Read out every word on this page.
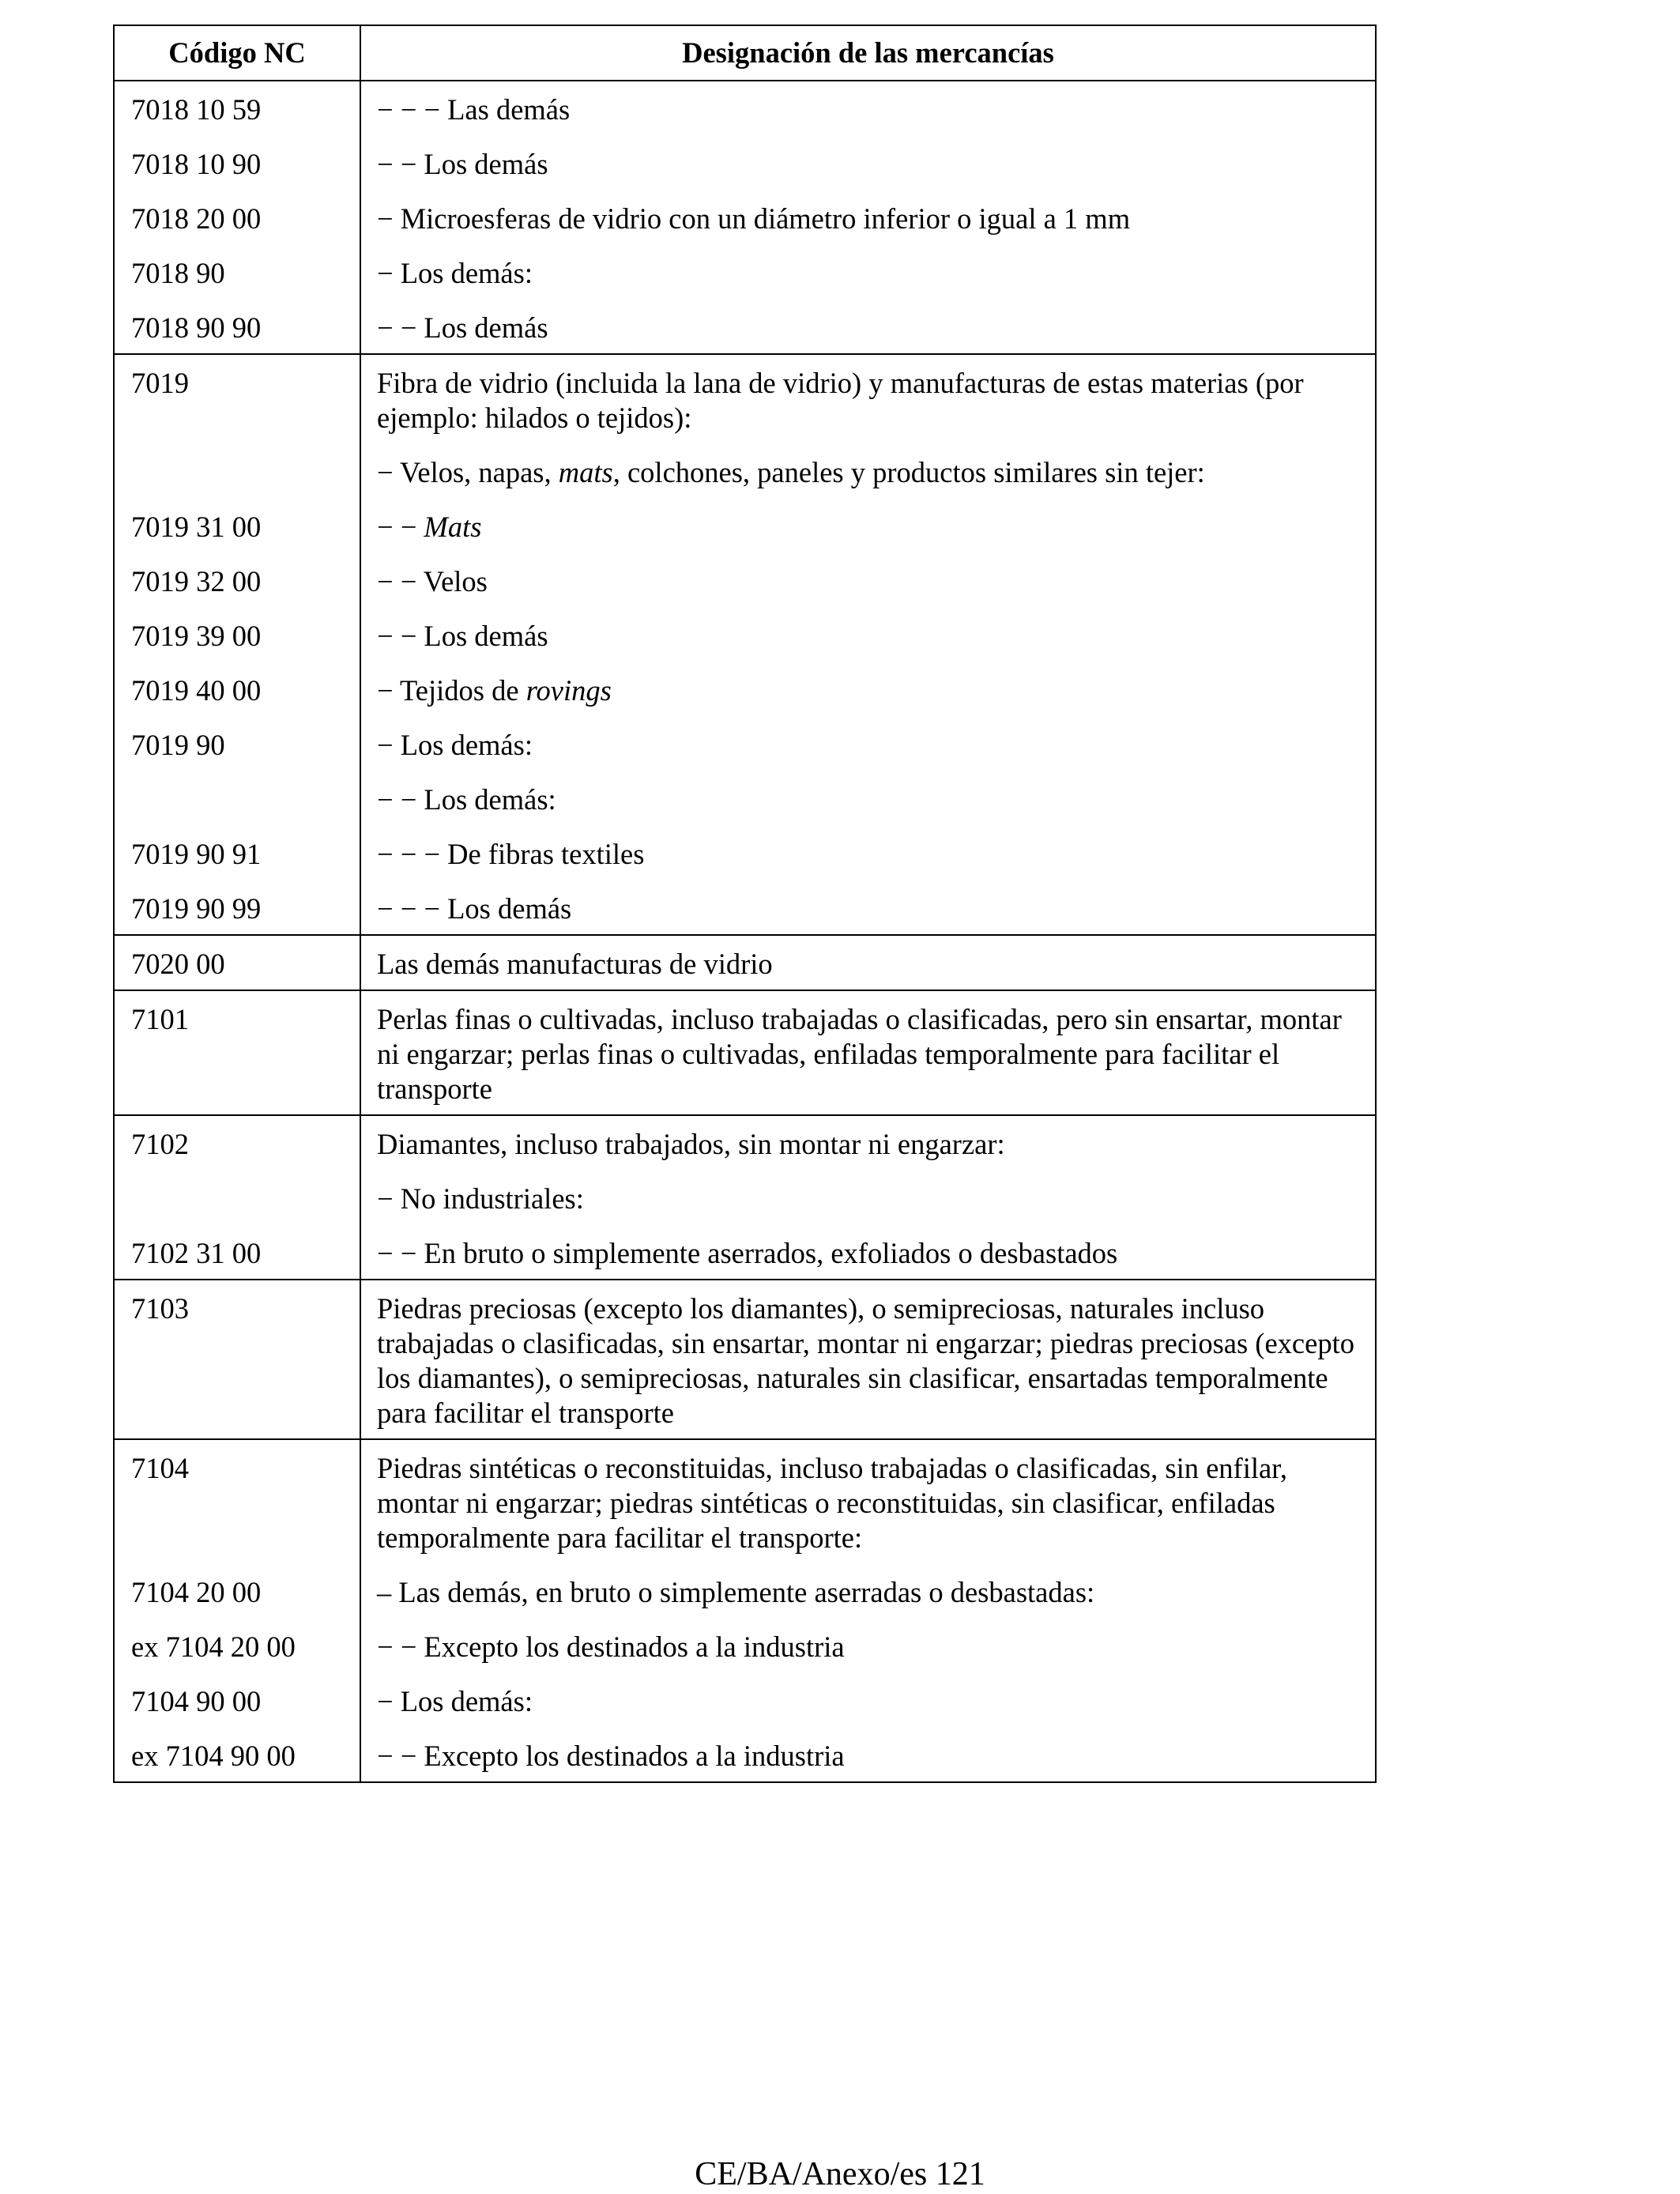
Código NC	Designación de las mercancías
7018 10 59	− − − Las demás
7018 10 90	− − Los demás
7018 20 00	− Microesferas de vidrio con un diámetro inferior o igual a 1 mm
7018 90	− Los demás:
7018 90 90	− − Los demás
7019	Fibra de vidrio (incluida la lana de vidrio) y manufacturas de estas materias (por ejemplo: hilados o tejidos):
	− Velos, napas, mats, colchones, paneles y productos similares sin tejer:
7019 31 00	− − Mats
7019 32 00	− − Velos
7019 39 00	− − Los demás
7019 40 00	− Tejidos de rovings
7019 90	− Los demás:
	− − Los demás:
7019 90 91	− − − De fibras textiles
7019 90 99	− − − Los demás
7020 00	Las demás manufacturas de vidrio
7101	Perlas finas o cultivadas, incluso trabajadas o clasificadas, pero sin ensartar, montar ni engarzar; perlas finas o cultivadas, enfiladas temporalmente para facilitar el transporte
7102	Diamantes, incluso trabajados, sin montar ni engarzar:
	− No industriales:
7102 31 00	− − En bruto o simplemente aserrados, exfoliados o desbastados
7103	Piedras preciosas (excepto los diamantes), o semipreciosas, naturales incluso trabajadas o clasificadas, sin ensartar, montar ni engarzar; piedras preciosas (excepto los diamantes), o semipreciosas, naturales sin clasificar, ensartadas temporalmente para facilitar el transporte
7104	Piedras sintéticas o reconstituidas, incluso trabajadas o clasificadas, sin enfilar, montar ni engarzar; piedras sintéticas o reconstituidas, sin clasificar, enfiladas temporalmente para facilitar el transporte:
7104 20 00	– Las demás, en bruto o simplemente aserradas o desbastadas:
ex 7104 20 00	− − Excepto los destinados a la industria
7104 90 00	− Los demás:
ex 7104 90 00	− − Excepto los destinados a la industria
CE/BA/Anexo/es 121
